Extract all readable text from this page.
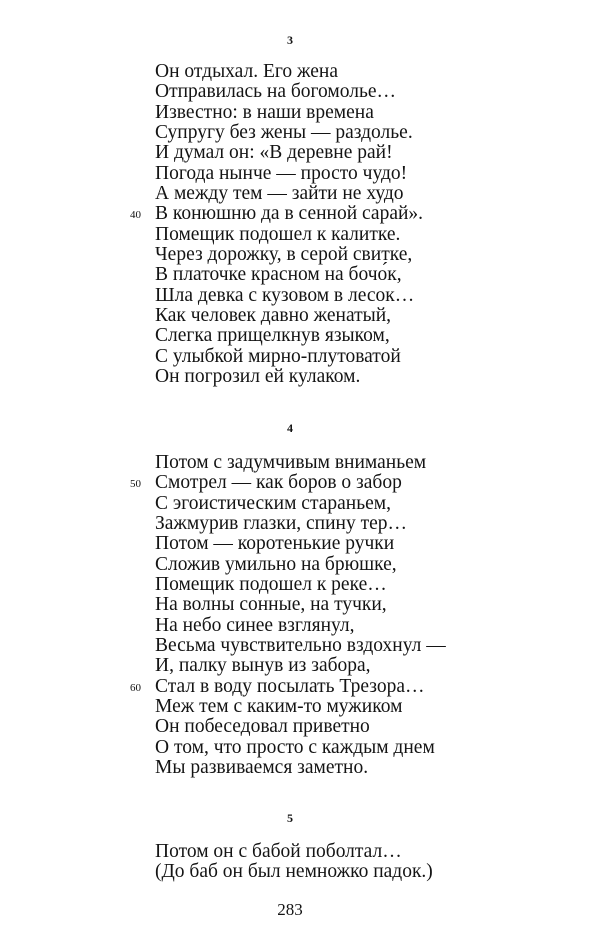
3
Он отдыхал. Его жена
Отправилась на богомолье…
Известно: в наши времена
Супругу без жены — раздолье.
И думал он: «В деревне рай!
Погода нынче — просто чудо!
А между тем — зайти не худо
В конюшню да в сенной сарай».
40
Помещик подошел к калитке.
Через дорожку, в серой свитке,
В платочке красном на бочо́к,
Шла девка с кузовом в лесок…
Как человек давно женатый,
Слегка прищелкнув языком,
С улыбкой мирно-плутоватой
Он погрозил ей кулаком.
4
Потом с задумчивым вниманьем
Смотрел — как боров о забор
50
С эгоистическим стараньем,
Зажмурив глазки, спину тер…
Потом — коротенькие ручки
Сложив умильно на брюшке,
Помещик подошел к реке…
На волны сонные, на тучки,
На небо синее взглянул,
Весьма чувствительно вздохнул —
И, палку вынув из забора,
Стал в воду посылать Трезора…
60
Меж тем с каким-то мужиком
Он побеседовал приветно
О том, что просто с каждым днем
Мы развиваемся заметно.
5
Потом он с бабой поболтал…
(До баб он был немножко падок.)
283
